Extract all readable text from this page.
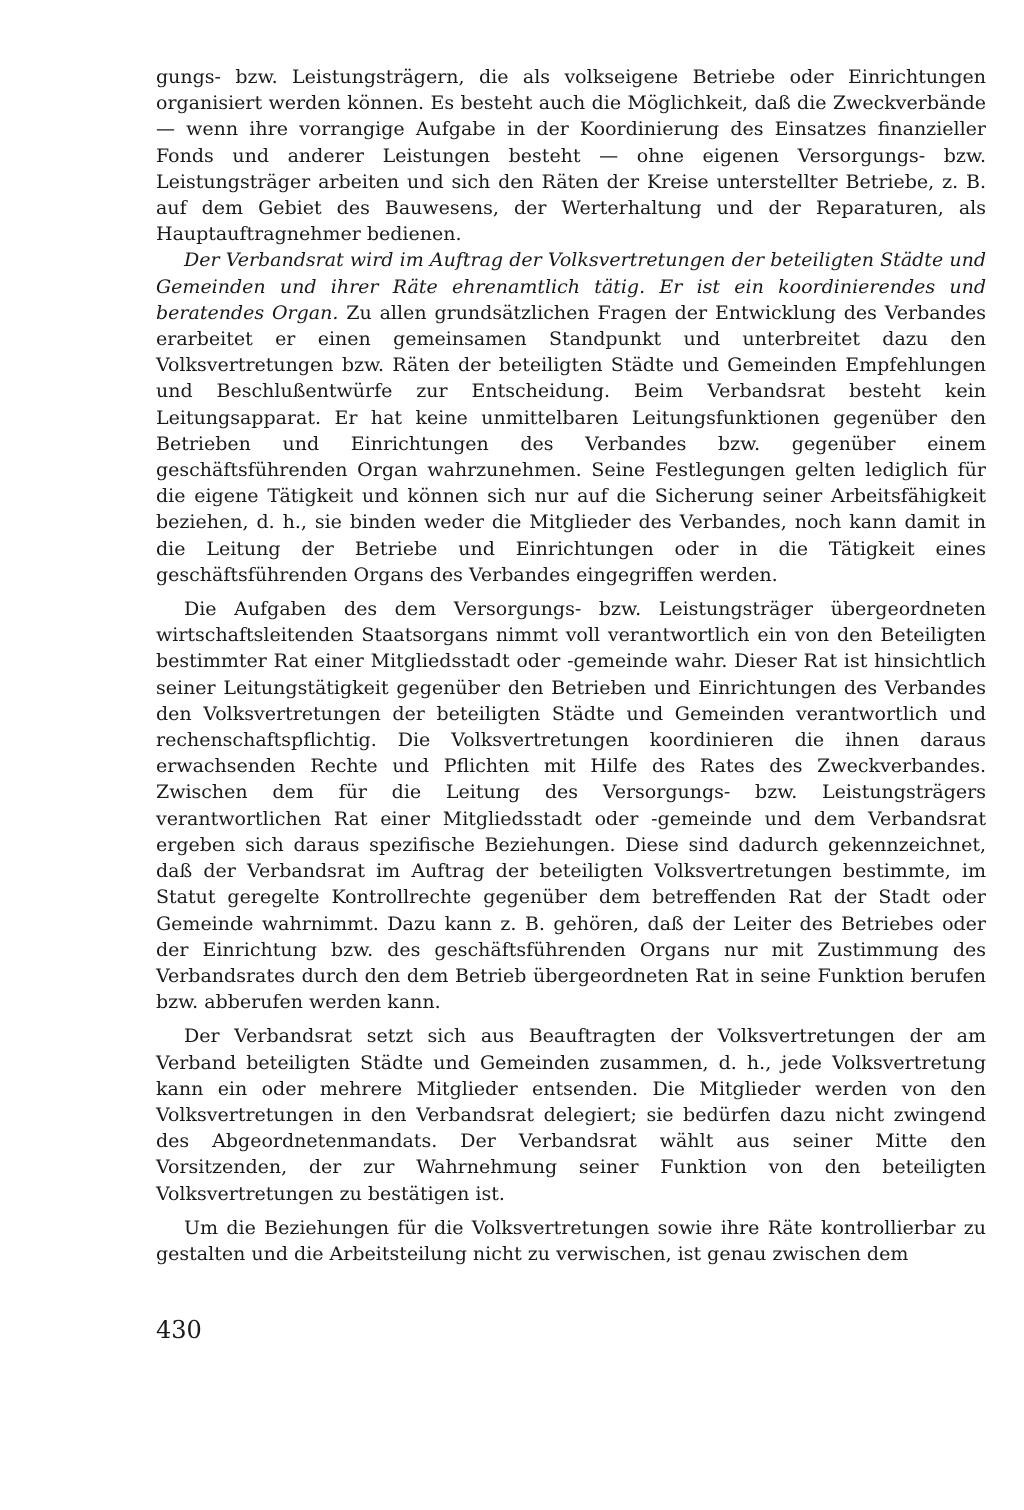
gungs- bzw. Leistungsträgern, die als volkseigene Betriebe oder Einrichtungen organisiert werden können. Es besteht auch die Möglichkeit, daß die Zweckverbände — wenn ihre vorrangige Aufgabe in der Koordinierung des Einsatzes finanzieller Fonds und anderer Leistungen besteht — ohne eigenen Versorgungs- bzw. Leistungsträger arbeiten und sich den Räten der Kreise unterstellter Betriebe, z. B. auf dem Gebiet des Bauwesens, der Werterhaltung und der Reparaturen, als Hauptauftragnehmer bedienen.

Der Verbandsrat wird im Auftrag der Volksvertretungen der beteiligten Städte und Gemeinden und ihrer Räte ehrenamtlich tätig. Er ist ein koordinierendes und beratendes Organ. Zu allen grundsätzlichen Fragen der Entwicklung des Verbandes erarbeitet er einen gemeinsamen Standpunkt und unterbreitet dazu den Volksvertretungen bzw. Räten der beteiligten Städte und Gemeinden Empfehlungen und Beschlußentwürfe zur Entscheidung. Beim Verbandsrat besteht kein Leitungsapparat. Er hat keine unmittelbaren Leitungsfunktionen gegenüber den Betrieben und Einrichtungen des Verbandes bzw. gegenüber einem geschäftsführenden Organ wahrzunehmen. Seine Festlegungen gelten lediglich für die eigene Tätigkeit und können sich nur auf die Sicherung seiner Arbeitsfähigkeit beziehen, d. h., sie binden weder die Mitglieder des Verbandes, noch kann damit in die Leitung der Betriebe und Einrichtungen oder in die Tätigkeit eines geschäftsführenden Organs des Verbandes eingegriffen werden.

Die Aufgaben des dem Versorgungs- bzw. Leistungsträger übergeordneten wirtschaftsleitenden Staatsorgans nimmt voll verantwortlich ein von den Beteiligten bestimmter Rat einer Mitgliedsstadt oder -gemeinde wahr. Dieser Rat ist hinsichtlich seiner Leitungstätigkeit gegenüber den Betrieben und Einrichtungen des Verbandes den Volksvertretungen der beteiligten Städte und Gemeinden verantwortlich und rechenschaftspflichtig. Die Volksvertretungen koordinieren die ihnen daraus erwachsenden Rechte und Pflichten mit Hilfe des Rates des Zweckverbandes. Zwischen dem für die Leitung des Versorgungs- bzw. Leistungsträgers verantwortlichen Rat einer Mitgliedsstadt oder -gemeinde und dem Verbandsrat ergeben sich daraus spezifische Beziehungen. Diese sind dadurch gekennzeichnet, daß der Verbandsrat im Auftrag der beteiligten Volksvertretungen bestimmte, im Statut geregelte Kontrollrechte gegenüber dem betreffenden Rat der Stadt oder Gemeinde wahrnimmt. Dazu kann z. B. gehören, daß der Leiter des Betriebes oder der Einrichtung bzw. des geschäftsführenden Organs nur mit Zustimmung des Verbandsrates durch den dem Betrieb übergeordneten Rat in seine Funktion berufen bzw. abberufen werden kann.

Der Verbandsrat setzt sich aus Beauftragten der Volksvertretungen der am Verband beteiligten Städte und Gemeinden zusammen, d. h., jede Volksvertretung kann ein oder mehrere Mitglieder entsenden. Die Mitglieder werden von den Volksvertretungen in den Verbandsrat delegiert; sie bedürfen dazu nicht zwingend des Abgeordnetenmandats. Der Verbandsrat wählt aus seiner Mitte den Vorsitzenden, der zur Wahrnehmung seiner Funktion von den beteiligten Volksvertretungen zu bestätigen ist.

Um die Beziehungen für die Volksvertretungen sowie ihre Räte kontrollierbar zu gestalten und die Arbeitsteilung nicht zu verwischen, ist genau zwischen dem

430
